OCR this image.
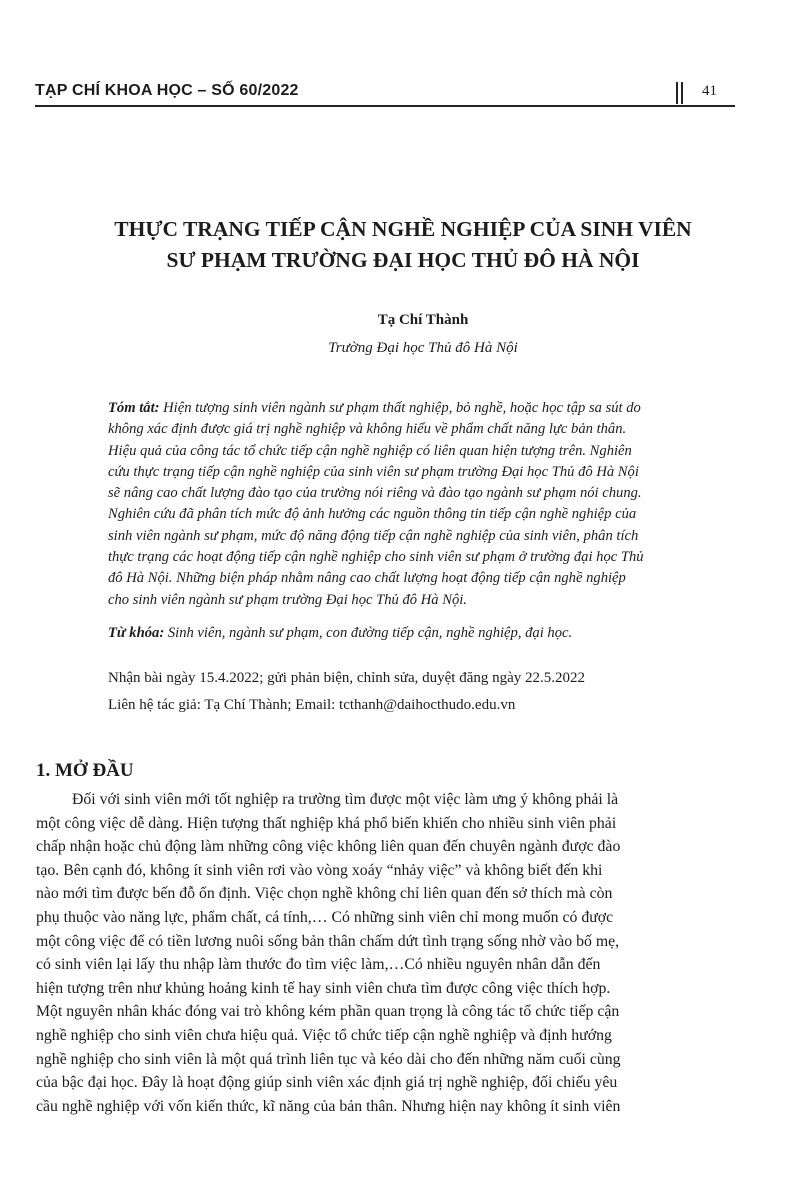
TẠP CHÍ KHOA HỌC – SỐ 60/2022	41
THỰC TRẠNG TIẾP CẬN NGHỀ NGHIỆP CỦA SINH VIÊN
SƯ PHẠM TRƯỜNG ĐẠI HỌC THỦ ĐÔ HÀ NỘI
Tạ Chí Thành
Trường Đại học Thủ đô Hà Nội
Tóm tắt: Hiện tượng sinh viên ngành sư phạm thất nghiệp, bỏ nghề, hoặc học tập sa sút do
không xác định được giá trị nghề nghiệp và không hiểu về phẩm chất năng lực bản thân.
Hiệu quả của công tác tổ chức tiếp cận nghề nghiệp có liên quan hiện tượng trên. Nghiên
cứu thực trạng tiếp cận nghề nghiệp của sinh viên sư phạm trường Đại học Thủ đô Hà Nội
sẽ nâng cao chất lượng đào tạo của trường nói riêng và đào tạo ngành sư phạm nói chung.
Nghiên cứu đã phân tích mức độ ảnh hưởng các nguồn thông tin tiếp cận nghề nghiệp của
sinh viên ngành sư phạm, mức độ năng động tiếp cận nghề nghiệp của sinh viên, phân tích
thực trạng các hoạt động tiếp cận nghề nghiệp cho sinh viên sư phạm ở trường đại học Thủ
đô Hà Nội. Những biện pháp nhằm nâng cao chất lượng hoạt động tiếp cận nghề nghiệp
cho sinh viên ngành sư phạm trường Đại học Thủ đô Hà Nội.
Từ khóa: Sinh viên, ngành sư phạm, con đường tiếp cận, nghề nghiệp, đại học.
Nhận bài ngày 15.4.2022; gửi phản biện, chỉnh sửa, duyệt đăng ngày 22.5.2022
Liên hệ tác giả: Tạ Chí Thành; Email: tcthanh@daihocthudo.edu.vn
1. MỞ ĐẦU
Đối với sinh viên mới tốt nghiệp ra trường tìm được một việc làm ưng ý không phải là
một công việc dễ dàng. Hiện tượng thất nghiệp khá phổ biến khiến cho nhiều sinh viên phải
chấp nhận hoặc chủ động làm những công việc không liên quan đến chuyên ngành được đào
tạo. Bên cạnh đó, không ít sinh viên rơi vào vòng xoáy “nhảy việc” và không biết đến khi
nào mới tìm được bến đỗ ổn định. Việc chọn nghề không chỉ liên quan đến sở thích mà còn
phụ thuộc vào năng lực, phẩm chất, cá tính,… Có những sinh viên chỉ mong muốn có được
một công việc để có tiền lương nuôi sống bản thân chấm dứt tình trạng sống nhờ vào bố mẹ,
có sinh viên lại lấy thu nhập làm thước đo tìm việc làm,…Có nhiều nguyên nhân dẫn đến
hiện tượng trên như khủng hoảng kinh tế hay sinh viên chưa tìm được công việc thích hợp.
Một nguyên nhân khác đóng vai trò không kém phần quan trọng là công tác tổ chức tiếp cận
nghề nghiệp cho sinh viên chưa hiệu quả. Việc tổ chức tiếp cận nghề nghiệp và định hướng
nghề nghiệp cho sinh viên là một quá trình liên tục và kéo dài cho đến những năm cuối cùng
của bậc đại học. Đây là hoạt động giúp sinh viên xác định giá trị nghề nghiệp, đối chiếu yêu
cầu nghề nghiệp với vốn kiến thức, kĩ năng của bản thân. Nhưng hiện nay không ít sinh viên
